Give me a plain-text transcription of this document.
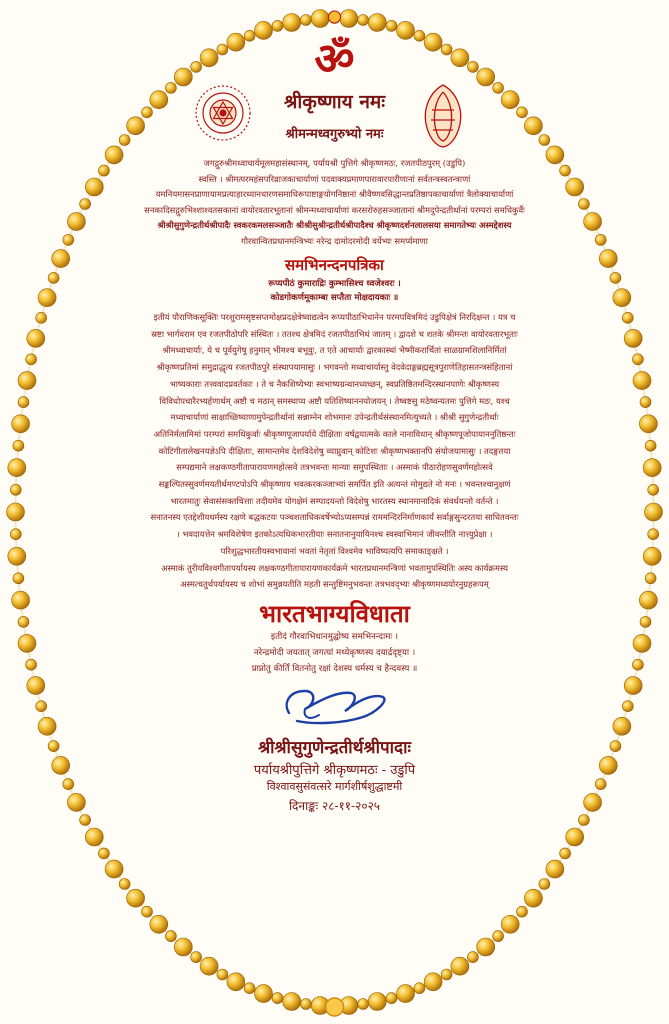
ॐ
श्रीकृष्णाय नमः
श्रीमन्मध्वगुरुभ्यो नमः
जगद्गुरुश्रीमध्वाचार्यमूलमहासंस्थानम्, पर्यायश्री पुत्तिगे श्रीकृष्णमठः, रजतपीठपुरम् (उडुपि)
स्वस्ति । श्रीमत्परमहंसपरिव्राजकाचार्याणां पदवाक्यप्रमाणपारावारपारीणानां सर्वतन्त्रस्वतन्त्राणां
यमनियमासनप्राणायामप्रत्याहारध्यानधारणसमाधिरूपाष्टाङ्गयोगनिष्ठानां श्रीवैष्णवसिद्धान्तप्रतिष्ठापकाचार्याणां त्रैलोक्याचार्याणां
सनकादिसद्गुरुभिश्शाश्वतसकानां वायोरवतारभूतानां श्रीमन्मध्वाचार्याणां करसरोरुहसञ्जातानां श्रीमदुपेन्द्रतीर्थानां परम्परां समधिकुर्वैः
श्रीश्रीसुगुणेन्द्रतीर्थश्रीपादैः स्वकरकमलसञ्जातैः श्रीश्रीसुश्रीन्द्रतीर्थश्रीपादैश्च श्रीकृष्णदर्शनलालसया समागतेभ्यः अस्मद्देशस्य
गौरवान्वितप्रधानमन्त्रिभ्यः नरेन्द्र दामोदरमोदी वर्येभ्यः समर्प्यमाणा
समभिनन्दनपत्रिका
रूप्यपीठं कुमाराद्रिः कुम्भासिश्च ध्वजेश्वरः ।
कोडगोकर्णमूकाम्बा सप्तैता मोक्षदायकाः ॥
इतीयं पौराणिकसूक्तिः परशुरामसृष्टसप्तमोक्षप्रदक्षेत्रेष्वाद्यत्वेन रूप्यपीठाभिधानेन परमपवित्रमिदं उडुपिक्षेत्रं निरदिक्षन्त । यत्र च
स्रष्टा भार्गवराम एव रजतपीठोपरि संस्थितः । ततश्च क्षेत्रमिदं रजतपीठाभिधं जातम् । द्वादशे च शतके श्रीमन्तः वायोरवतारभूताः
श्रीमध्वाचार्याः, ये च पूर्वयुगेषु हनुमान् भीमश्च बभूवुः, त एते आचार्याः द्वारकास्थां भैष्मीकरार्चितां साळग्रामशिलानिर्मितां
श्रीकृष्णप्रतिमां समुद्राद्धृत्य रजतपीठपुरे संस्थापयामासुः । भगवन्तो मध्वाचार्यास्तु वेदवेदाङ्गब्रह्मसूत्रपुराणेतिहासतन्त्रसंहितानां
भाष्यकाराः तत्त्ववादप्रवर्तकाः । ते च नैकशिष्येभ्यः स्वभाष्यग्रन्थानध्यच्छन्, स्वप्रतिष्ठितमन्दिरस्थानपाणेः श्रीकृष्णस्य
विविधोपचारैरभ्यर्हणार्थम् अष्टौ च मठान् समस्थाप्य अष्टौ यतिशिष्याननयोजयन् । तेष्वष्टसु मठेष्वन्यतमः पुत्तिगे मठः, यश्च
मध्वाचार्याणां साक्षाच्छिष्याणामुपेन्द्रतीर्थानां सन्नाम्नेन शोभमानः उपेन्द्रतीर्थसंस्थानमित्युच्यते । श्रीश्री सुगुणेन्द्रतीर्थाः
अतिनिर्मलामिमां परम्परां समधिकुर्वाः श्रीकृष्णपूजापर्याये दीक्षिताः वर्षद्वयात्मके काले नानाविधान् श्रीकृष्णपूजोपायाननुतिष्ठन्तः
कोटिगीतालेखनयज्ञेऽपि दीक्षिताः, सामान्तमेव देशविदेशेषु व्याप्नुवान् कोटिशः श्रीकृष्णभक्तानपि संयोजयामासुः । तदङ्गतया
सम्पद्यमाने लक्षकण्ठगीतापारायणमहोत्सवे तत्रभवन्तः मान्याः समुपस्थिताः । अस्माकं पीठारोहणसुवर्णमहोत्सवे
सङ्कल्पितस्सुवर्णमयतीर्थमण्टपोऽपि श्रीकृष्णाय भवत्करकञ्जाभ्यां समर्पित इति अत्यन्तं मोमुद्यते नो मनः । भवन्तश्चानुक्षणं
भारतमातुः सेवासंसक्तचित्ताः तदीयमेव योगक्षेमं सम्पादयन्तो विदेशेषु भारतस्य स्थानमानादिकं संवर्धयन्तो वर्तन्ते ।
सनातनस्य एतद्देशीयधर्मस्य रक्षणे बद्धकटयः पञ्चशताधिकवर्षेभ्योऽप्यसम्पन्नं राममन्दिरनिर्माणकार्यं सर्वाङ्गसुन्दरतया साधितवन्तः
। भवदायत्तेन श्रमविशेषेण इतकोऽत्यधिकभारतीयाः सनातनानुयायिनश्च स्वस्वाभिमानं जीवन्तीति नात्त्युप्रेक्षा ।
परिशुद्धभारतीयस्वभावानां भवतां नेतृतां विश्वमेव भाविष्यत्यपि समाकाङ्क्षते ।
अस्माकं तुरीयविश्वगीतापर्यायस्य लक्षकण्ठगीतापारायणकार्यक्रमे भारतप्रधानमन्त्रिणां भवतामुपस्थितिः अस्य कार्यक्रमस्य
अस्मत्चतुर्थपर्यायस्य च शोभां समुन्नयतीति महती सन्तुष्टिमनुभवन्तः तत्रभवद्भ्यः श्रीकृष्णमध्वयोरनुग्रहरूपम्
भारतभाग्यविधाता
इतीदं गौरवाभिधानमुद्घोष्य समभिनन्दामः ।
नरेन्द्रमोदी जयतात् जगत्यां मध्येकृष्णस्य दयार्द्रदृष्ट्या ।
प्राप्नोतु कीर्तिं वितनोतु रक्षां देशस्य धर्मस्य च हैन्दवस्य ॥
श्रीश्रीसुगुणेन्द्रतीर्थश्रीपादाः
पर्यायश्रीपुत्तिगे श्रीकृष्णमठः - उडुपि
विश्वावसुसंवत्सरे मार्गशीर्षशुद्धाष्टमी
दिनाङ्कः २८-११-२०२५
